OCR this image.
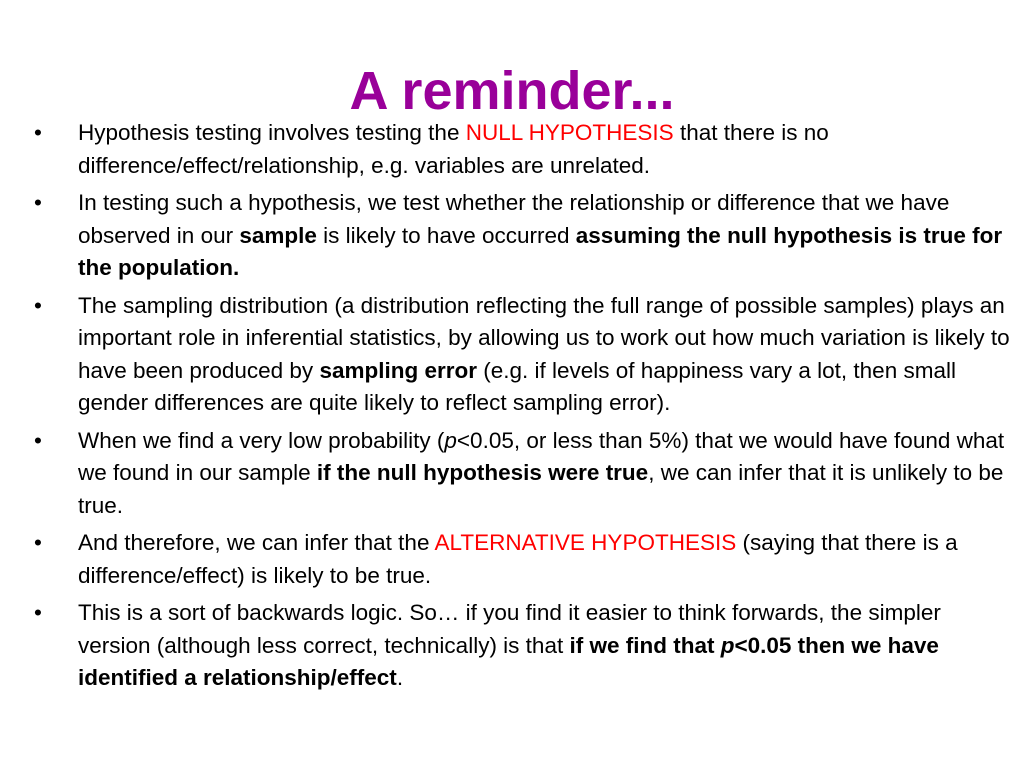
A reminder...
•	Hypothesis testing involves testing the NULL HYPOTHESIS that there is no difference/effect/relationship, e.g. variables are unrelated.
•	In testing such a hypothesis, we test whether the relationship or difference that we have observed in our sample is likely to have occurred assuming the null hypothesis is true for the population.
•	The sampling distribution (a distribution reflecting the full range of possible samples) plays an important role in inferential statistics, by allowing us to work out how much variation is likely to have been produced by sampling error (e.g. if levels of happiness vary a lot, then small gender differences are quite likely to reflect sampling error).
•	When we find a very low probability (p<0.05, or less than 5%) that we would have found what we found in our sample if the null hypothesis were true, we can infer that it is unlikely to be true.
•	And therefore, we can infer that the ALTERNATIVE HYPOTHESIS (saying that there is a difference/effect) is likely to be true.
•	This is a sort of backwards logic. So… if you find it easier to think forwards, the simpler version (although less correct, technically) is that if we find that p<0.05 then we have identified a relationship/effect.
